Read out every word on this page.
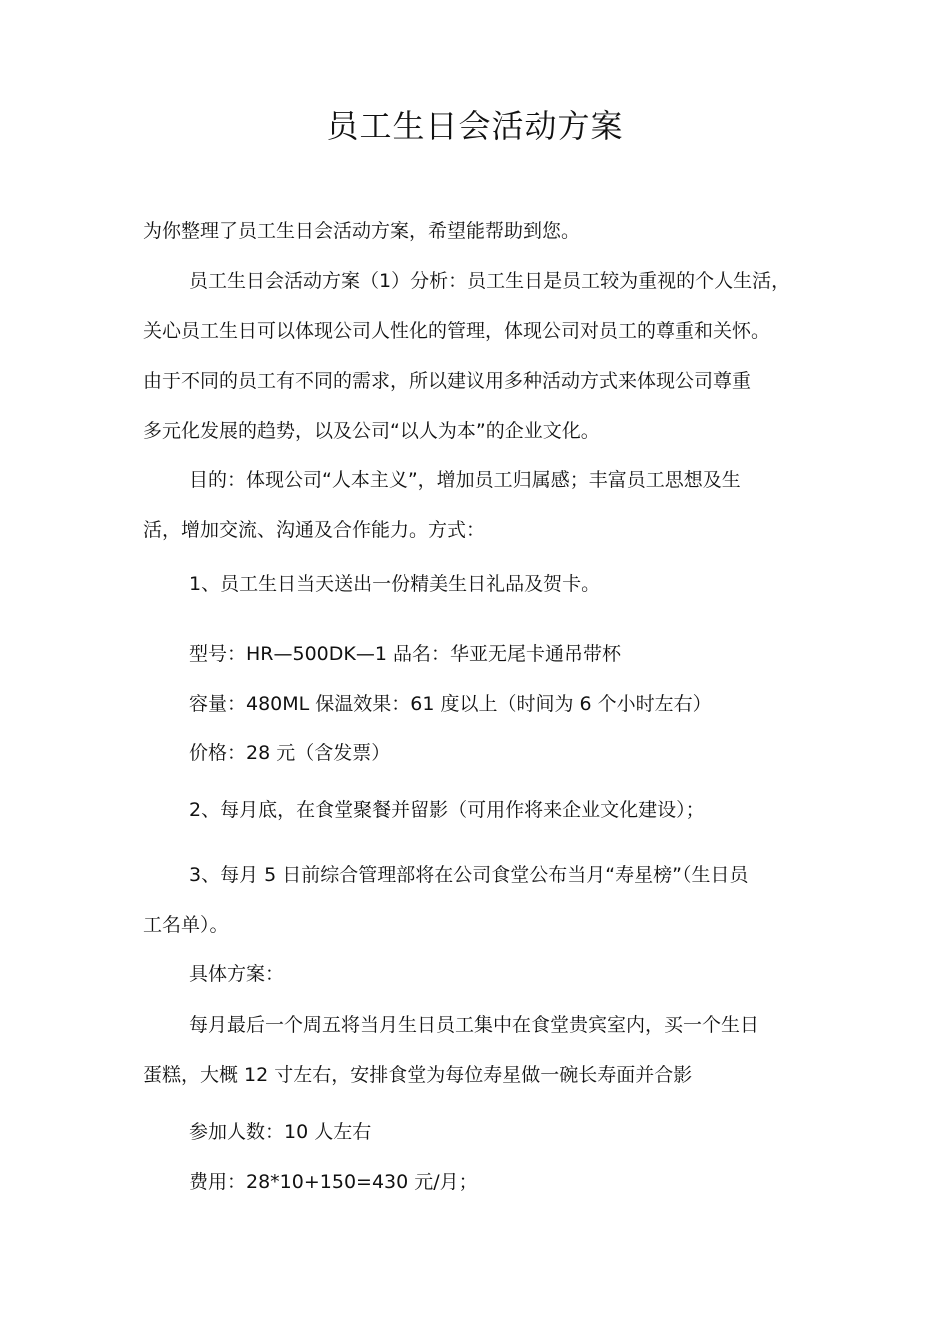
员工生日会活动方案
为你整理了员工生日会活动方案，希望能帮助到您。
员工生日会活动方案（1）分析：员工生日是员工较为重视的个人生活，
关心员工生日可以体现公司人性化的管理，体现公司对员工的尊重和关怀。
由于不同的员工有不同的需求，所以建议用多种活动方式来体现公司尊重
多元化发展的趋势，以及公司“以人为本”的企业文化。
目的：体现公司“人本主义”，增加员工归属感；丰富员工思想及生
活，增加交流、沟通及合作能力。方式：
1、员工生日当天送出一份精美生日礼品及贺卡。
型号：HR—500DK—1 品名：华亚无尾卡通吊带杯
容量：480ML 保温效果：61 度以上（时间为 6 个小时左右）
价格：28 元（含发票）
2、每月底，在食堂聚餐并留影（可用作将来企业文化建设）；
3、每月 5 日前综合管理部将在公司食堂公布当月“寿星榜”（生日员
工名单）。
具体方案：
每月最后一个周五将当月生日员工集中在食堂贵宾室内，买一个生日
蛋糕，大概 12 寸左右，安排食堂为每位寿星做一碗长寿面并合影
参加人数：10 人左右
费用：28*10+150=430 元/月；
